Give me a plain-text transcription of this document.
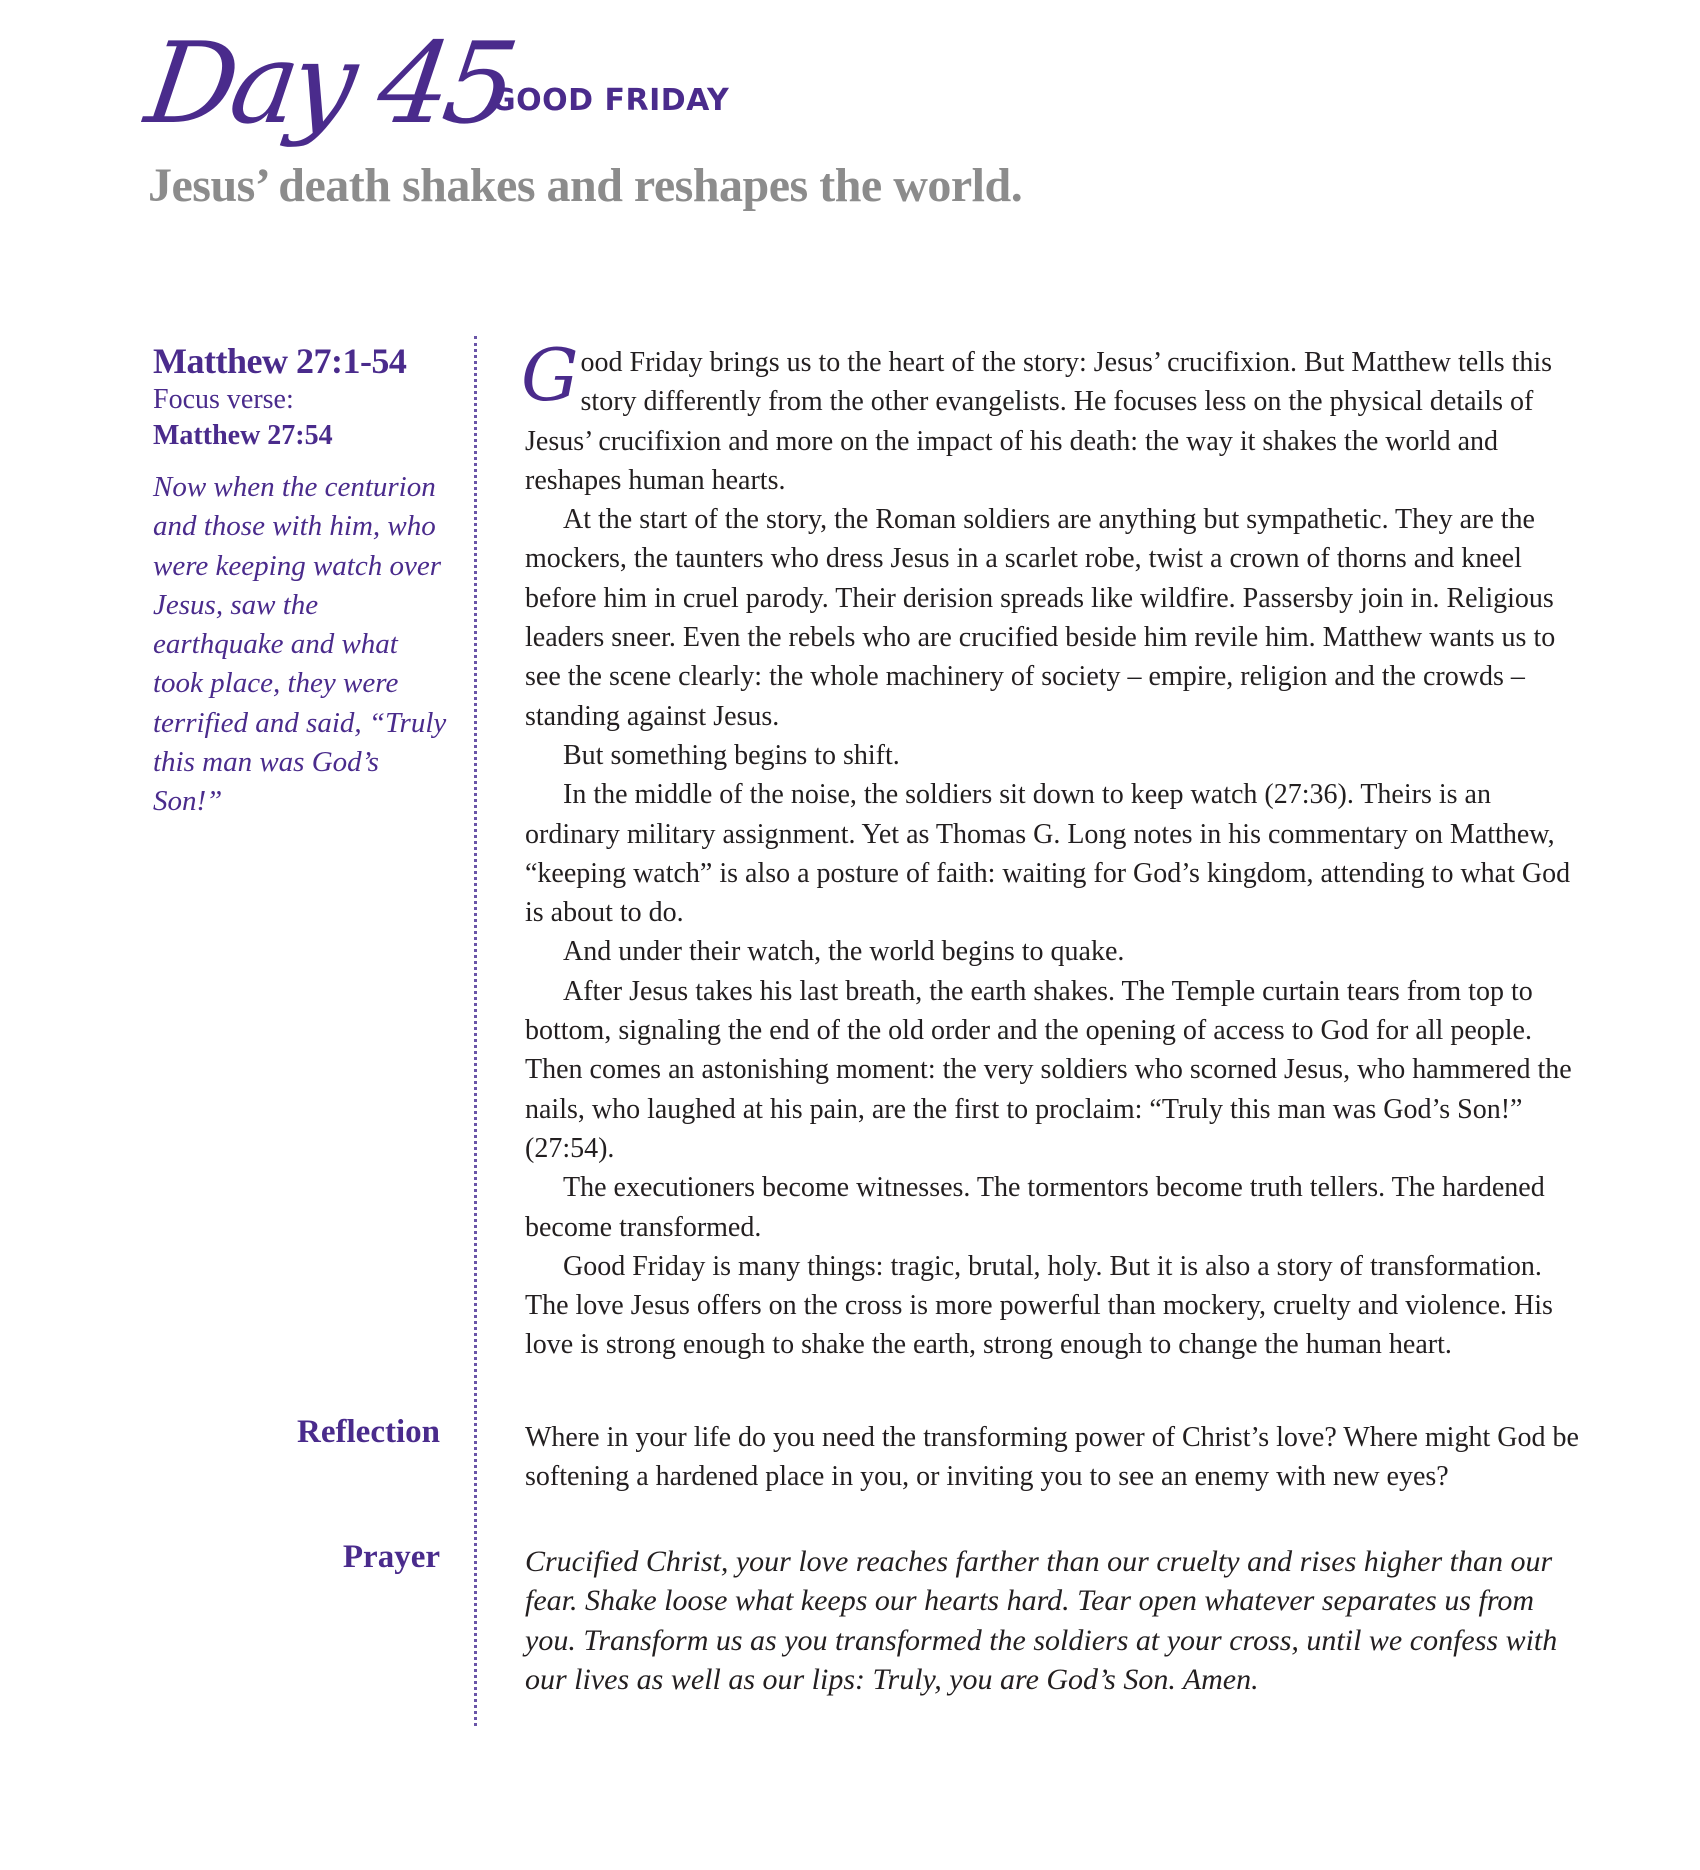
Day 45
GOOD FRIDAY
Jesus’ death shakes and reshapes the world.
Matthew 27:1-54
Focus verse:
Matthew 27:54
Now when the centurion and those with him, who were keeping watch over Jesus, saw the earthquake and what took place, they were terrified and said, “Truly this man was God’s Son!”

Good Friday brings us to the heart of the story: Jesus’ crucifixion. But Matthew tells this story differently from the other evangelists. He focuses less on the physical details of Jesus’ crucifixion and more on the impact of his death: the way it shakes the world and reshapes human hearts.

At the start of the story, the Roman soldiers are anything but sympathetic. They are the mockers, the taunters who dress Jesus in a scarlet robe, twist a crown of thorns and kneel before him in cruel parody. Their derision spreads like wildfire. Passersby join in. Religious leaders sneer. Even the rebels who are crucified beside him revile him. Matthew wants us to see the scene clearly: the whole machinery of society – empire, religion and the crowds – standing against Jesus.

But something begins to shift.

In the middle of the noise, the soldiers sit down to keep watch (27:36). Theirs is an ordinary military assignment. Yet as Thomas G. Long notes in his commentary on Matthew, “keeping watch” is also a posture of faith: waiting for God’s kingdom, attending to what God is about to do.

And under their watch, the world begins to quake.

After Jesus takes his last breath, the earth shakes. The Temple curtain tears from top to bottom, signaling the end of the old order and the opening of access to God for all people. Then comes an astonishing moment: the very soldiers who scorned Jesus, who hammered the nails, who laughed at his pain, are the first to proclaim: “Truly this man was God’s Son!” (27:54).

The executioners become witnesses. The tormentors become truth tellers. The hardened become transformed.

Good Friday is many things: tragic, brutal, holy. But it is also a story of transformation. The love Jesus offers on the cross is more powerful than mockery, cruelty and violence. His love is strong enough to shake the earth, strong enough to change the human heart.

Reflection	Where in your life do you need the transforming power of Christ’s love? Where might God be softening a hardened place in you, or inviting you to see an enemy with new eyes?
Prayer	Crucified Christ, your love reaches farther than our cruelty and rises higher than our fear. Shake loose what keeps our hearts hard. Tear open whatever separates us from you. Transform us as you transformed the soldiers at your cross, until we confess with our lives as well as our lips: Truly, you are God’s Son. Amen.
